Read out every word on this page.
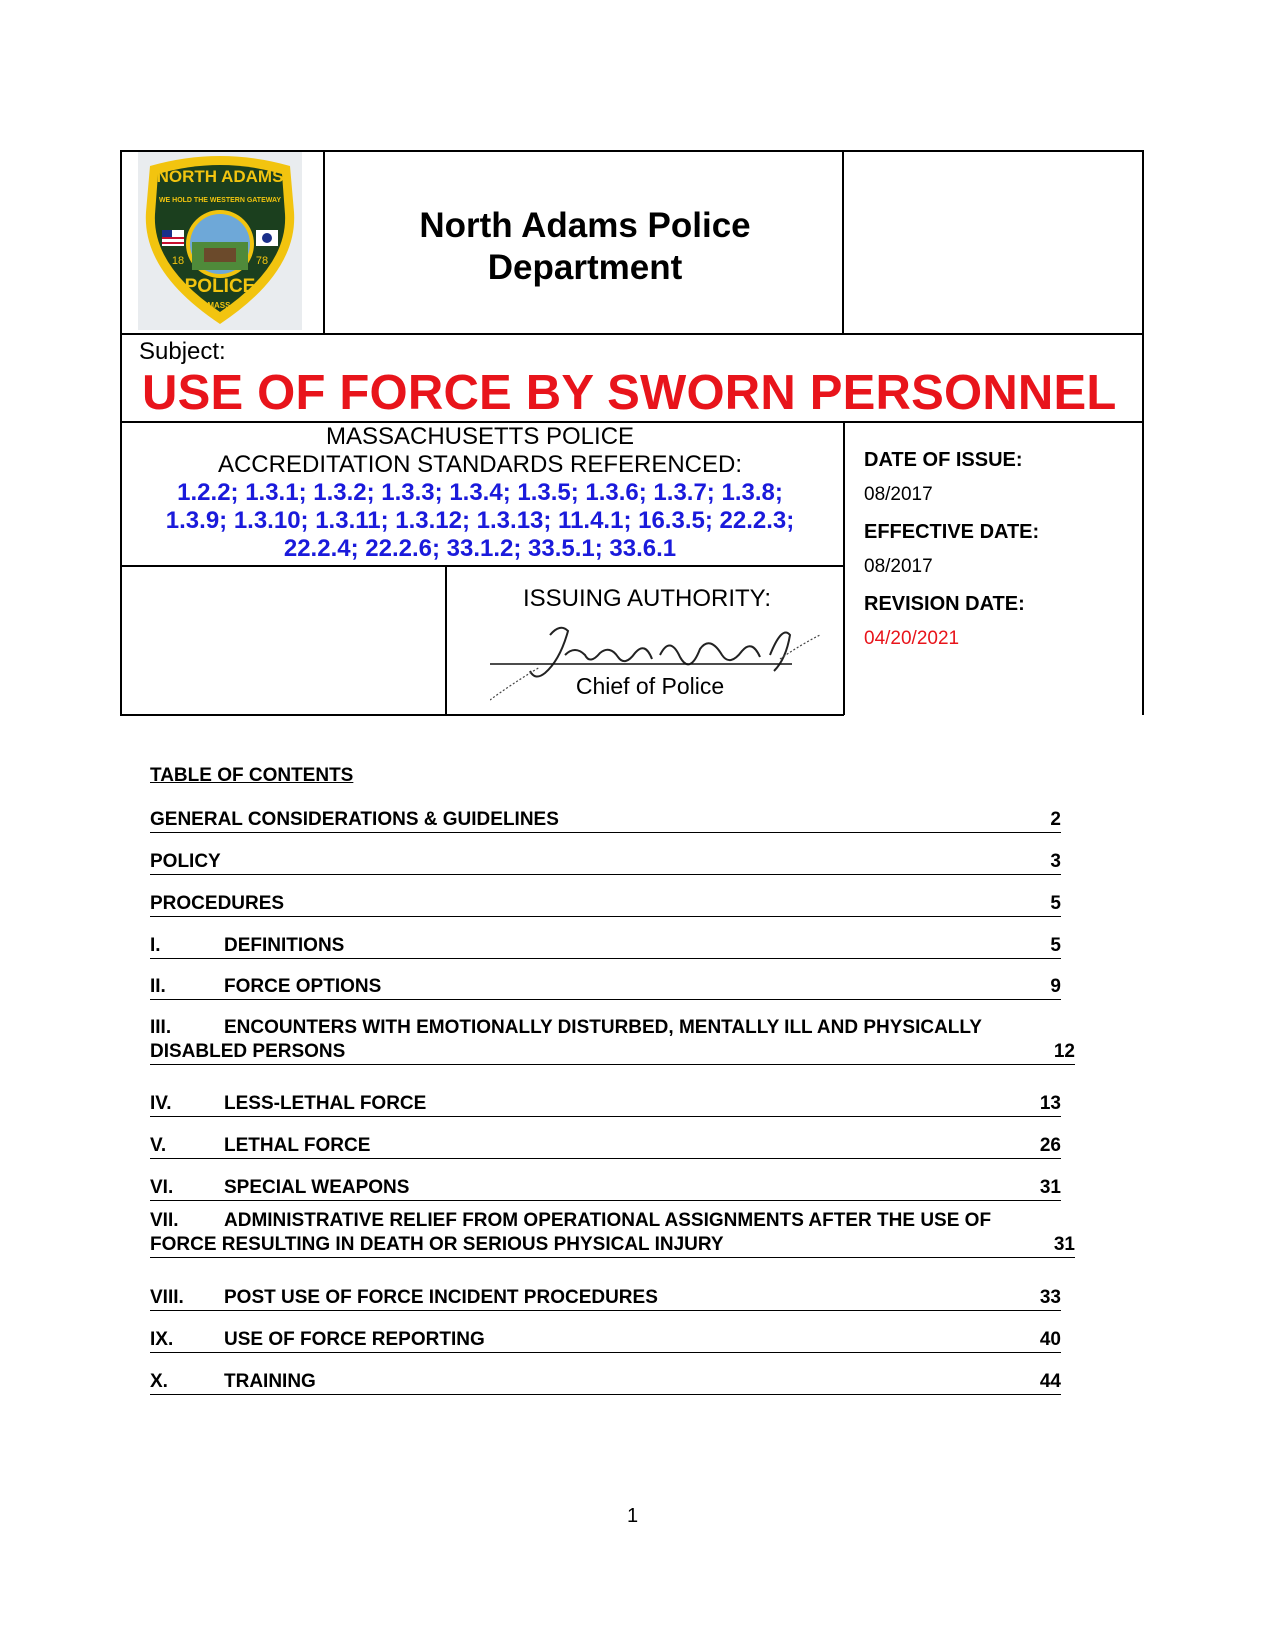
NORTH ADAMS
WE HOLD THE WESTERN GATEWAY
18	78
POLICE
MASS.
North Adams Police
Department
Subject:
USE OF FORCE BY SWORN PERSONNEL
MASSACHUSETTS POLICE
ACCREDITATION STANDARDS REFERENCED:
1.2.2; 1.3.1; 1.3.2; 1.3.3; 1.3.4; 1.3.5; 1.3.6; 1.3.7; 1.3.8;
1.3.9; 1.3.10; 1.3.11; 1.3.12; 1.3.13; 11.4.1; 16.3.5; 22.2.3;
22.2.4; 22.2.6; 33.1.2; 33.5.1; 33.6.1
ISSUING AUTHORITY:
Chief of Police
DATE OF ISSUE:
08/2017
EFFECTIVE DATE:
08/2017
REVISION DATE:
04/20/2021
TABLE OF CONTENTS
GENERAL CONSIDERATIONS & GUIDELINES	2
POLICY	3
PROCEDURES	5
I.	DEFINITIONS	5
II.	FORCE OPTIONS	9
III.	ENCOUNTERS WITH EMOTIONALLY DISTURBED, MENTALLY ILL AND PHYSICALLY
DISABLED PERSONS	12
IV.	LESS-LETHAL FORCE	13
V.	LETHAL FORCE	26
VI.	SPECIAL WEAPONS	31
VII. ADMINISTRATIVE RELIEF FROM OPERATIONAL ASSIGNMENTS AFTER THE USE OF
FORCE RESULTING IN DEATH OR SERIOUS PHYSICAL INJURY	31
VIII. POST USE OF FORCE INCIDENT PROCEDURES	33
IX.	USE OF FORCE REPORTING	40
X.	TRAINING	44
1
